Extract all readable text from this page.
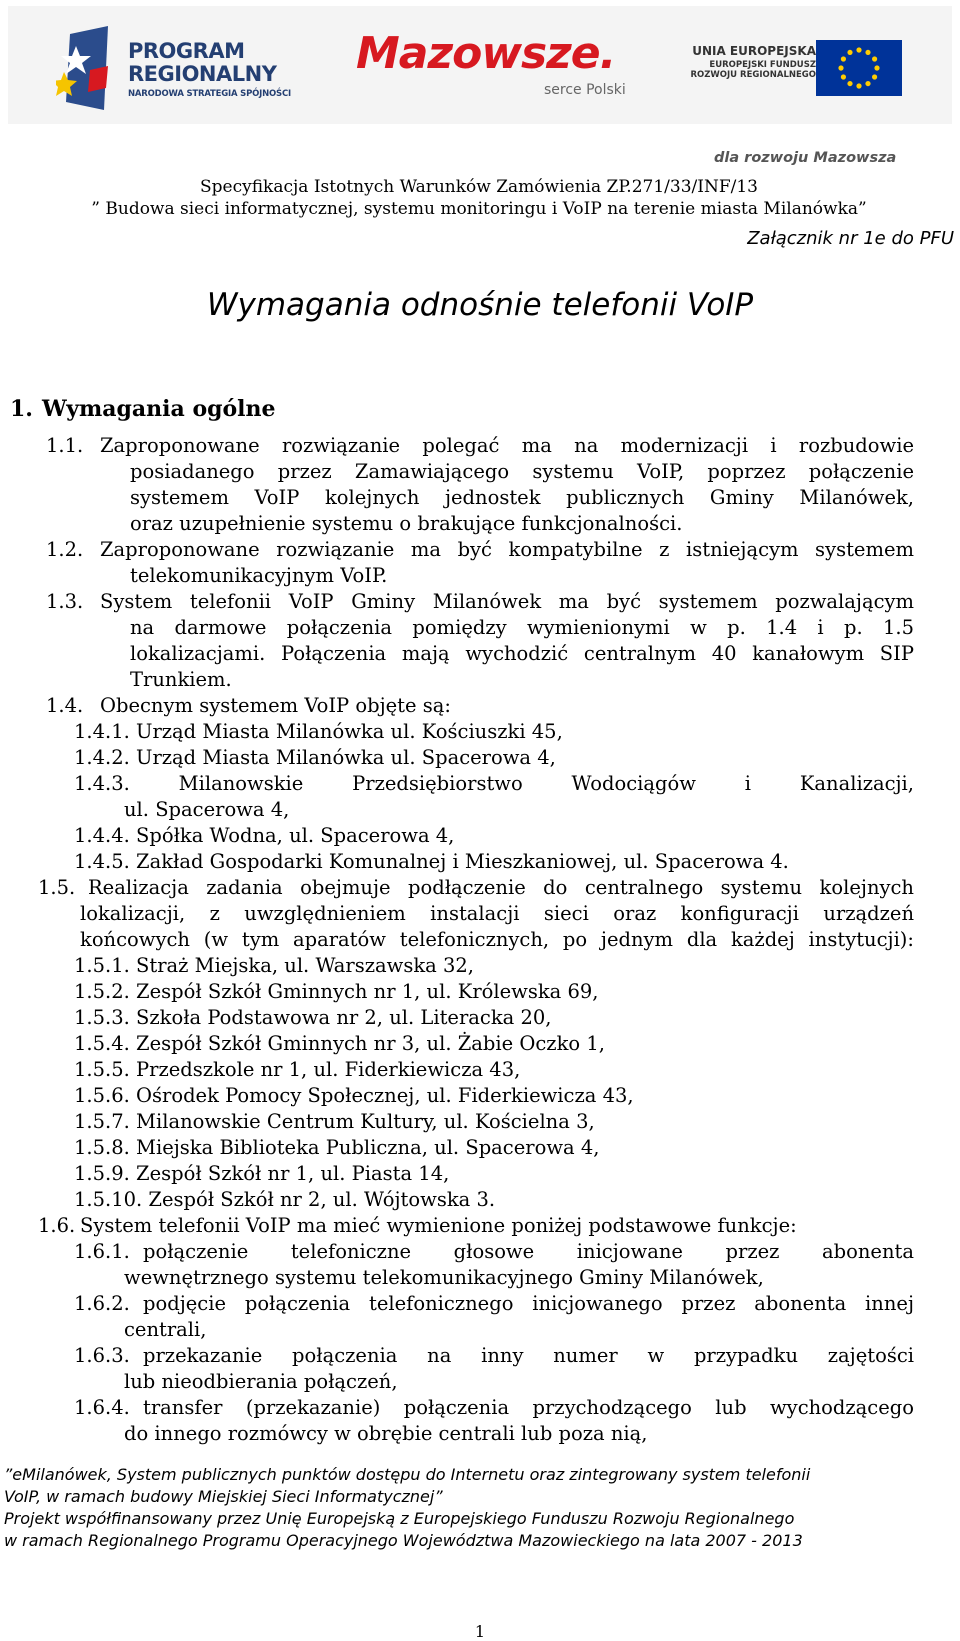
PROGRAM
REGIONALNY
NARODOWA STRATEGIA SPÓJNOŚCI
Mazowsze.
serce Polski
UNIA EUROPEJSKA
EUROPEJSKI FUNDUSZ
ROZWOJU REGIONALNEGO
dla rozwoju Mazowsza
Specyfikacja Istotnych Warunków Zamówienia ZP.271/33/INF/13
” Budowa sieci informatycznej, systemu monitoringu i VoIP na terenie miasta Milanówka”
Załącznik nr 1e do PFU
Wymagania odnośnie telefonii VoIP
1. Wymagania ogólne
1.1. Zaproponowane rozwiązanie polegać ma na modernizacji i rozbudowie
posiadanego przez Zamawiającego systemu VoIP, poprzez połączenie
systemem VoIP kolejnych jednostek publicznych Gminy Milanówek,
oraz uzupełnienie systemu o brakujące funkcjonalności.
1.2. Zaproponowane rozwiązanie ma być kompatybilne z istniejącym systemem
telekomunikacyjnym VoIP.
1.3. System telefonii VoIP Gminy Milanówek ma być systemem pozwalającym
na darmowe połączenia pomiędzy wymienionymi w p. 1.4 i p. 1.5
lokalizacjami. Połączenia mają wychodzić centralnym 40 kanałowym SIP
Trunkiem.
1.4. Obecnym systemem VoIP objęte są:
1.4.1. Urząd Miasta Milanówka ul. Kościuszki 45,
1.4.2. Urząd Miasta Milanówka ul. Spacerowa 4,
1.4.3. Milanowskie Przedsiębiorstwo Wodociągów i Kanalizacji,
ul. Spacerowa 4,
1.4.4. Spółka Wodna, ul. Spacerowa 4,
1.4.5. Zakład Gospodarki Komunalnej i Mieszkaniowej, ul. Spacerowa 4.
1.5. Realizacja zadania obejmuje podłączenie do centralnego systemu kolejnych
lokalizacji, z uwzględnieniem instalacji sieci oraz konfiguracji urządzeń
końcowych (w tym aparatów telefonicznych, po jednym dla każdej instytucji):
1.5.1. Straż Miejska, ul. Warszawska 32,
1.5.2. Zespół Szkół Gminnych nr 1, ul. Królewska 69,
1.5.3. Szkoła Podstawowa nr 2, ul. Literacka 20,
1.5.4. Zespół Szkół Gminnych nr 3, ul. Żabie Oczko 1,
1.5.5. Przedszkole nr 1, ul. Fiderkiewicza 43,
1.5.6. Ośrodek Pomocy Społecznej, ul. Fiderkiewicza 43,
1.5.7. Milanowskie Centrum Kultury, ul. Kościelna 3,
1.5.8. Miejska Biblioteka Publiczna, ul. Spacerowa 4,
1.5.9. Zespół Szkół nr 1, ul. Piasta 14,
1.5.10. Zespół Szkół nr 2, ul. Wójtowska 3.
1.6. System telefonii VoIP ma mieć wymienione poniżej podstawowe funkcje:
1.6.1. połączenie telefoniczne głosowe inicjowane przez abonenta
wewnętrznego systemu telekomunikacyjnego Gminy Milanówek,
1.6.2. podjęcie połączenia telefonicznego inicjowanego przez abonenta innej
centrali,
1.6.3. przekazanie połączenia na inny numer w przypadku zajętości
lub nieodbierania połączeń,
1.6.4. transfer (przekazanie) połączenia przychodzącego lub wychodzącego
do innego rozmówcy w obrębie centrali lub poza nią,
”eMilanówek, System publicznych punktów dostępu do Internetu oraz zintegrowany system telefonii
VoIP, w ramach budowy Miejskiej Sieci Informatycznej”
Projekt współfinansowany przez Unię Europejską z Europejskiego Funduszu Rozwoju Regionalnego
w ramach Regionalnego Programu Operacyjnego Województwa Mazowieckiego na lata 2007 - 2013
1
